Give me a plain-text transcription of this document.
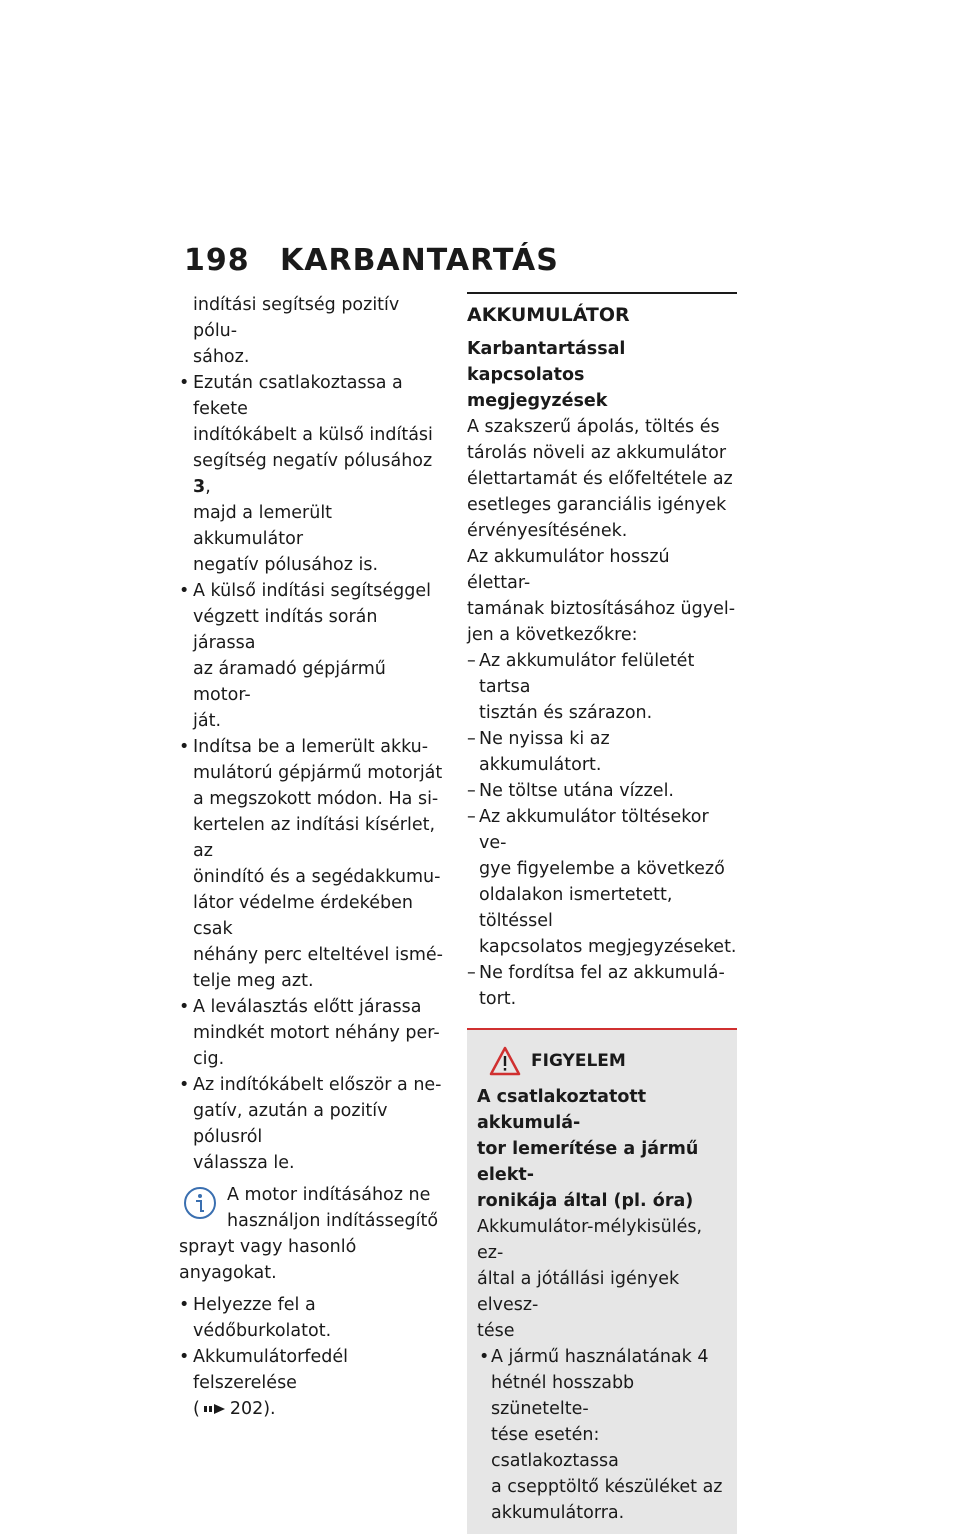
198 KARBANTARTÁS
indítási segítség pozitív pólu-
sához.
• Ezután csatlakoztassa a fekete
indítókábelt a külső indítási
segítség negatív pólusához 3,
majd a lemerült akkumulátor
negatív pólusához is.
• A külső indítási segítséggel
végzett indítás során járassa
az áramadó gépjármű motor-
ját.
• Indítsa be a lemerült akku-
mulátorú gépjármű motorját
a megszokott módon. Ha si-
kertelen az indítási kísérlet, az
önindító és a segédakkumu-
látor védelme érdekében csak
néhány perc elteltével ismé-
telje meg azt.
• A leválasztás előtt járassa
mindkét motort néhány per-
cig.
• Az indítókábelt először a ne-
gatív, azután a pozitív pólusról
válassza le.
A motor indításához ne
használjon indítássegítő
sprayt vagy hasonló anyagokat.
• Helyezze fel a védőburkolatot.
• Akkumulátorfedél felszerelése
( 202).

AKKUMULÁTOR

Karbantartással kapcsolatos
megjegyzések
A szakszerű ápolás, töltés és
tárolás növeli az akkumulátor
élettartamát és előfeltétele az
esetleges garanciális igények
érvényesítésének.
Az akkumulátor hosszú élettar-
tamának biztosításához ügyel-
jen a következőkre:
– Az akkumulátor felületét tartsa
tisztán és szárazon.
– Ne nyissa ki az akkumulátort.
– Ne töltse utána vízzel.
– Az akkumulátor töltésekor ve-
gye figyelembe a következő
oldalakon ismertetett, töltéssel
kapcsolatos megjegyzéseket.
– Ne fordítsa fel az akkumulá-
tort.
FIGYELEM
A csatlakoztatott akkumulá-
tor lemerítése a jármű elekt-
ronikája által (pl. óra)
Akkumulátor-mélykisülés, ez-
által a jótállási igények elvesz-
tése
• A jármű használatának 4
hétnél hosszabb szünetelte-
tése esetén: csatlakoztassa
a csepptöltő készüléket az
akkumulátorra.
